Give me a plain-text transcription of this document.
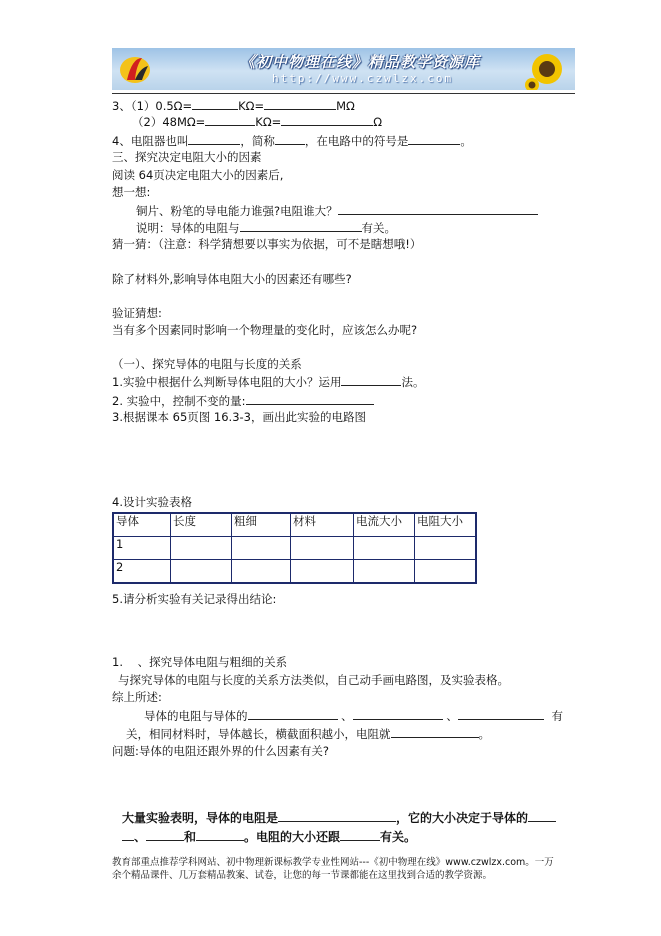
《初中物理在线》精品教学资源库
http://www.czwlzx.com
3、（1）0.5Ω=	KΩ=	MΩ
（2）48MΩ=	KΩ=	Ω
4、电阻器也叫	，简称	，在电路中的符号是	。
三、探究决定电阻大小的因素
阅读 64页决定电阻大小的因素后,
想一想:
铜片、粉笔的导电能力谁强?电阻谁大？
说明：导体的电阻与	有关。
猜一猜：（注意：科学猜想要以事实为依据，可不是瞎想哦!）
除了材料外,影响导体电阻大小的因素还有哪些?
验证猜想:
当有多个因素同时影响一个物理量的变化时，应该怎么办呢?
（一）、探究导体的电阻与长度的关系
1.实验中根据什么判断导体电阻的大小？运用	法。
2. 实验中，控制不变的量:
3.根据课本 65页图 16.3-3，画出此实验的电路图
4.设计实验表格
导体	长度	粗细	材料	电流大小	电阻大小
1					
2					
5.请分析实验有关记录得出结论:
1.    、探究导体电阻与粗细的关系
与探究导体的电阻与长度的关系方法类似，自己动手画电路图，及实验表格。
综上所述:
导体的电阻与导体的	、	、	有
关，相同材料时，导体越长，横截面积越小，电阻就	。
问题:导体的电阻还跟外界的什么因素有关?
大量实验表明，导体的电阻是	，它的大小决定于导体的
、	和	。电阻的大小还跟	有关。
教育部重点推荐学科网站、初中物理新课标教学专业性网站---《初中物理在线》www.czwlzx.com。一万
余个精品课件、几万套精品教案、试卷，让您的每一节课都能在这里找到合适的教学资源。
